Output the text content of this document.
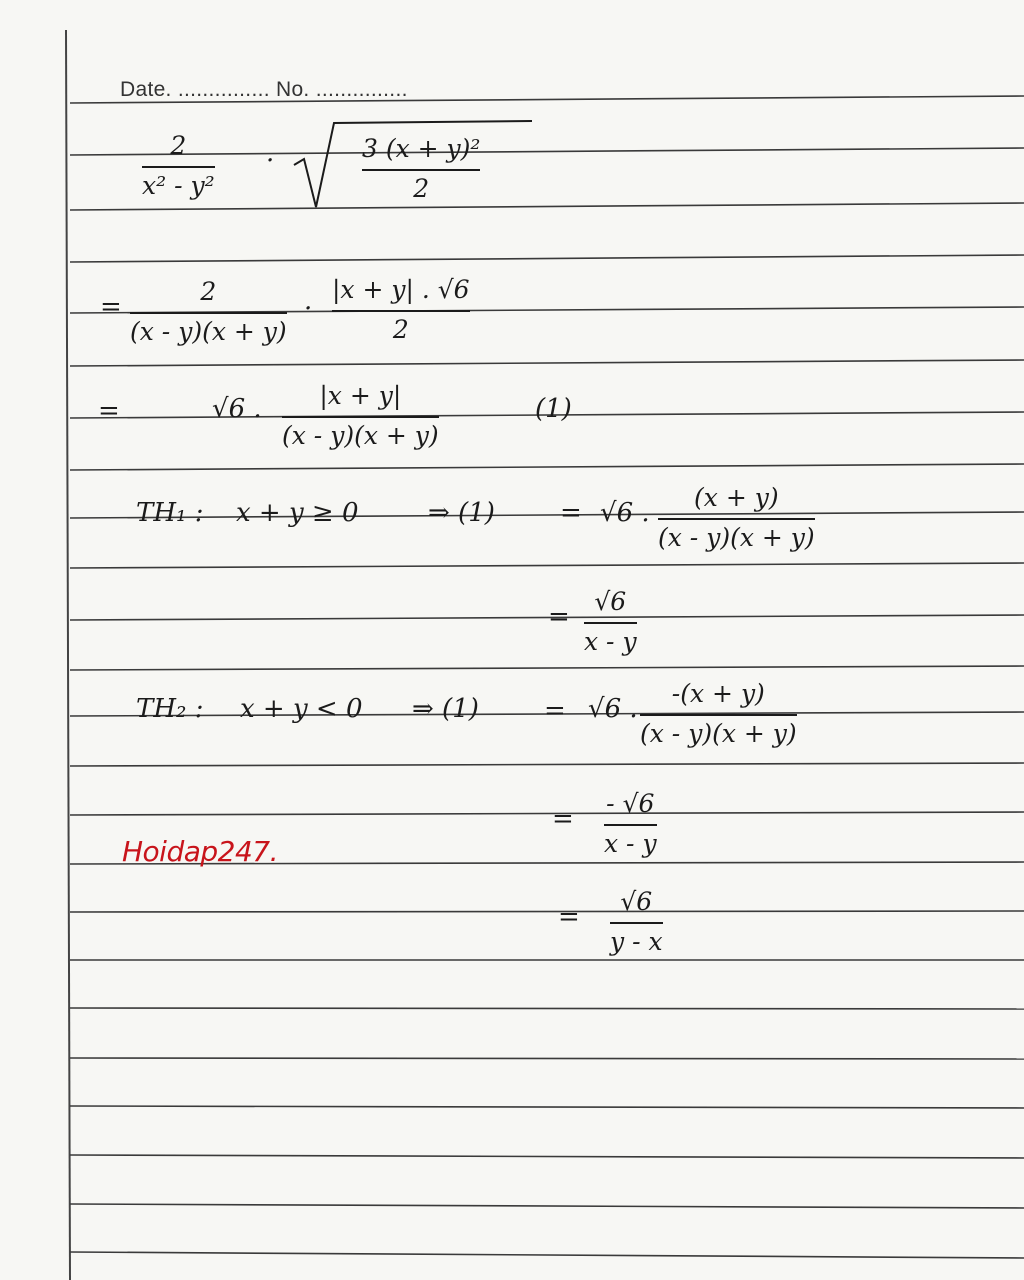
Date. ............... No. ...............
2
x² - y²
·	3 (x + y)²
2
=
2
(x - y)(x + y)
·
|x + y| . √6
2
=	√6 . |x + y|
(x - y)(x + y)
(1)
TH₁ : x + y ≥ 0	⇒ (1)	= √6 .
(x + y)
(x - y)(x + y)
=
√6
x - y
TH₂ : x + y < 0 ⇒ (1)	= √6 .
-(x + y)
(x - y)(x + y)
=
- √6
x - y
=
√6
y - x
Hoidap247.
